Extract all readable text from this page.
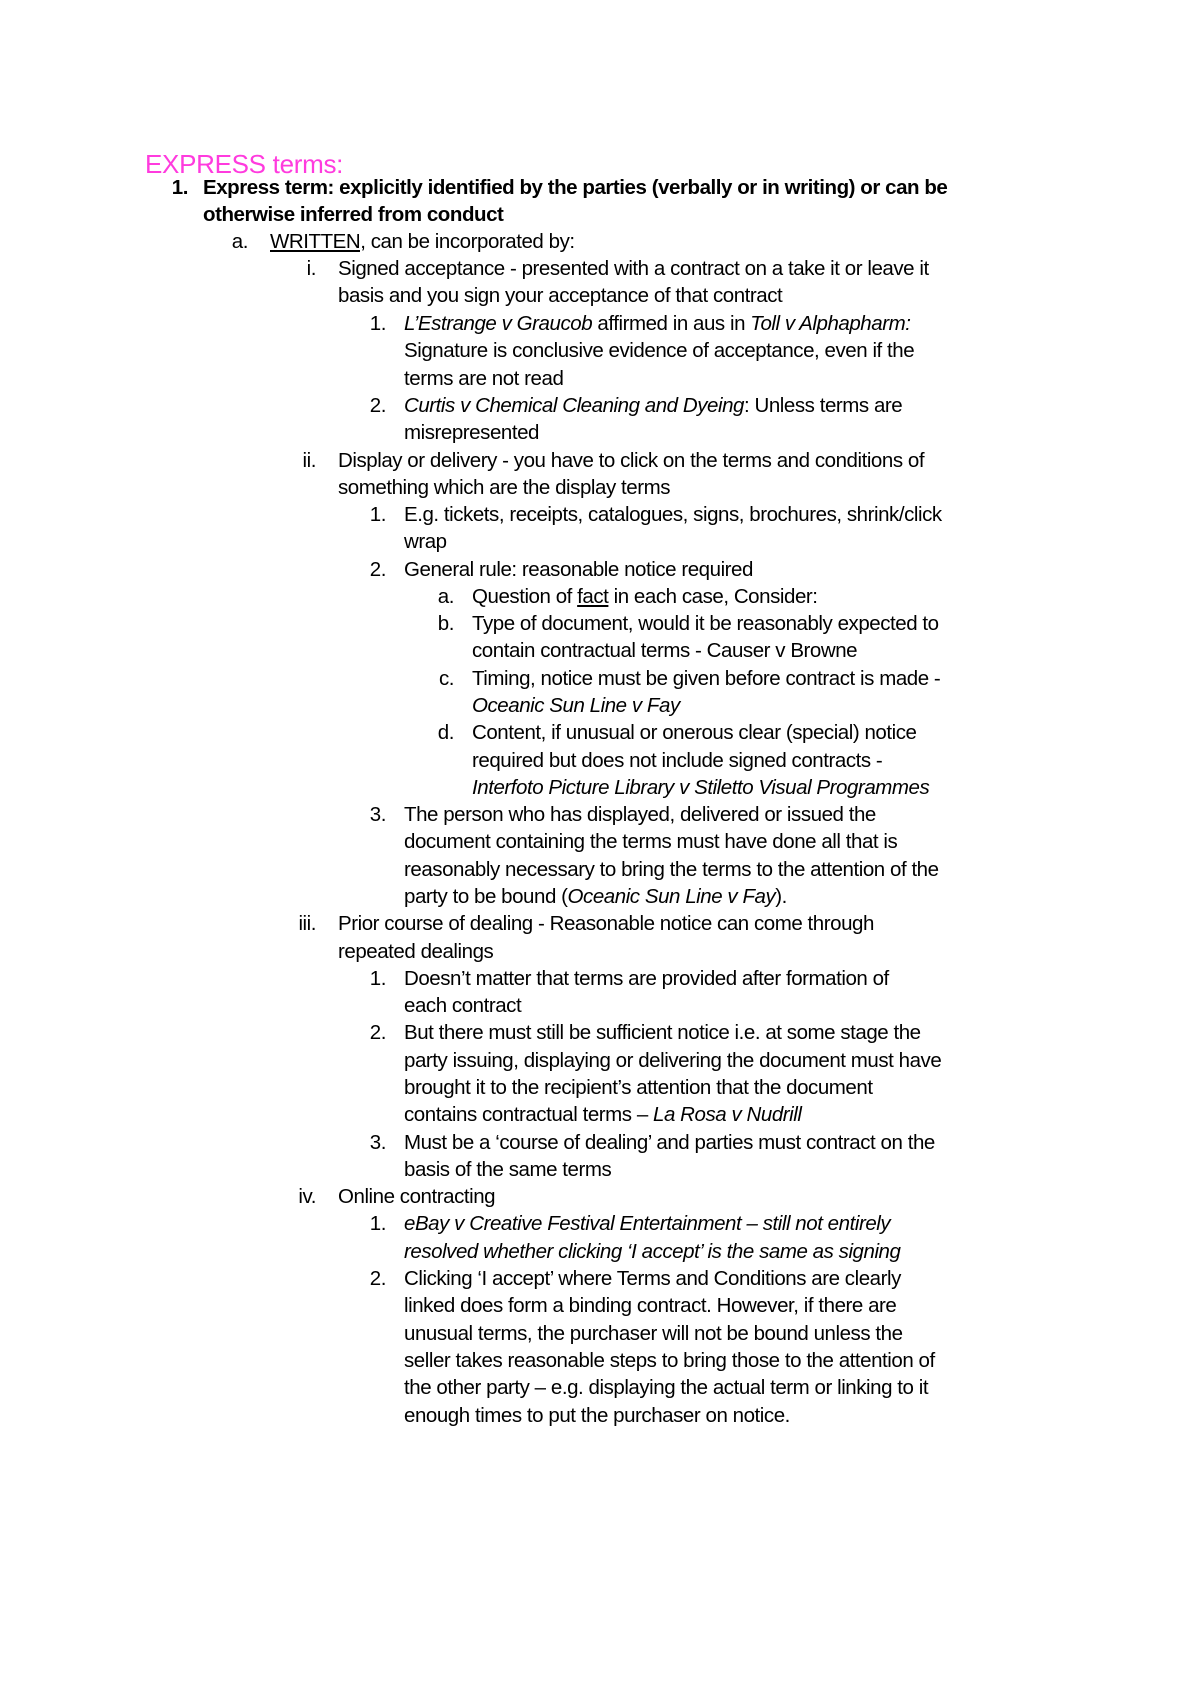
EXPRESS terms:
1. Express term: explicitly identified by the parties (verbally or in writing) or can be
otherwise inferred from conduct
a. WRITTEN, can be incorporated by:
i. Signed acceptance - presented with a contract on a take it or leave it
basis and you sign your acceptance of that contract
1. L’Estrange v Graucob affirmed in aus in Toll v Alphapharm:
Signature is conclusive evidence of acceptance, even if the
terms are not read
2. Curtis v Chemical Cleaning and Dyeing: Unless terms are
misrepresented
ii. Display or delivery - you have to click on the terms and conditions of
something which are the display terms
1. E.g. tickets, receipts, catalogues, signs, brochures, shrink/click
wrap
2. General rule: reasonable notice required
a. Question of fact in each case, Consider:
b. Type of document, would it be reasonably expected to
contain contractual terms - Causer v Browne
c. Timing, notice must be given before contract is made -
Oceanic Sun Line v Fay
d. Content, if unusual or onerous clear (special) notice
required but does not include signed contracts -
Interfoto Picture Library v Stiletto Visual Programmes
3. The person who has displayed, delivered or issued the
document containing the terms must have done all that is
reasonably necessary to bring the terms to the attention of the
party to be bound (Oceanic Sun Line v Fay).
iii. Prior course of dealing - Reasonable notice can come through
repeated dealings
1. Doesn’t matter that terms are provided after formation of
each contract
2. But there must still be sufficient notice i.e. at some stage the
party issuing, displaying or delivering the document must have
brought it to the recipient’s attention that the document
contains contractual terms – La Rosa v Nudrill
3. Must be a ‘course of dealing’ and parties must contract on the
basis of the same terms
iv. Online contracting
1. eBay v Creative Festival Entertainment – still not entirely
resolved whether clicking ‘I accept’ is the same as signing
2. Clicking ‘I accept’ where Terms and Conditions are clearly
linked does form a binding contract. However, if there are
unusual terms, the purchaser will not be bound unless the
seller takes reasonable steps to bring those to the attention of
the other party – e.g. displaying the actual term or linking to it
enough times to put the purchaser on notice.
